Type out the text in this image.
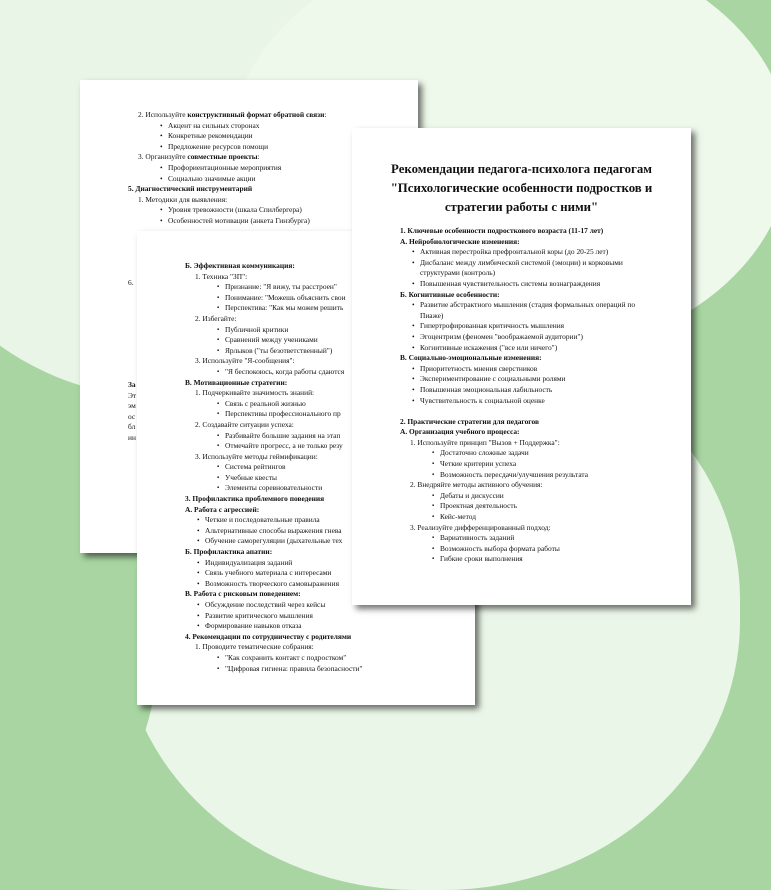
2. Используйте конструктивный формат обратной связи:
Акцент на сильных сторонах
Конкретные рекомендации
Предложение ресурсов помощи
3. Организуйте совместные проекты:
Профориентационные мероприятия
Социально значимые акции
5. Диагностический инструментарий
1. Методики для выявления:
Уровня тревожности (шкала Спилбергера)
Особенностей мотивации (анкета Гинзбурга)
6.
За
Эт
эм
ос
бл
ин
Б. Эффективная коммуникация:
1. Техника "ЗП":
Признание: "Я вижу, ты расстроен"
Понимание: "Можешь объяснить свои
Перспектива: "Как мы можем решить
2. Избегайте:
Публичной критики
Сравнений между учениками
Ярлыков ("ты безответственный")
3. Используйте "Я-сообщения":
"Я беспокоюсь, когда работы сдаются
В. Мотивационные стратегии:
1. Подчеркивайте значимость знаний:
Связь с реальной жизнью
Перспективы профессионального пр
2. Создавайте ситуации успеха:
Разбивайте большие задания на этап
Отмечайте прогресс, а не только резу
3. Используйте методы геймификации:
Система рейтингов
Учебные квесты
Элементы соревновательности
3. Профилактика проблемного поведения
А. Работа с агрессией:
Четкие и последовательные правила
Альтернативные способы выражения гнева
Обучение саморегуляции (дыхательные тех
Б. Профилактика апатии:
Индивидуализация заданий
Связь учебного материала с интересами
Возможность творческого самовыражения
В. Работа с рисковым поведением:
Обсуждение последствий через кейсы
Развитие критического мышления
Формирование навыков отказа
4. Рекомендации по сотрудничеству с родителями
1. Проводите тематические собрания:
"Как сохранить контакт с подростком"
"Цифровая гигиена: правила безопасности"
Рекомендации педагога-психолога педагогам "Психологические особенности подростков и стратегии работы с ними"
1. Ключевые особенности подросткового возраста (11-17 лет)
А. Нейробиологические изменения:
Активная перестройка префронтальной коры (до 20-25 лет)
Дисбаланс между лимбической системой (эмоции) и корковыми
структурами (контроль)
Повышенная чувствительность системы вознаграждения
Б. Когнитивные особенности:
Развитие абстрактного мышления (стадия формальных операций по
Пиаже)
Гипертрофированная критичность мышления
Эгоцентризм (феномен "воображаемой аудитории")
Когнитивные искажения ("все или ничего")
В. Социально-эмоциональные изменения:
Приоритетность мнения сверстников
Экспериментирование с социальными ролями
Повышенная эмоциональная лабильность
Чувствительность к социальной оценке
2. Практические стратегии для педагогов
А. Организация учебного процесса:
1. Используйте принцип "Вызов + Поддержка":
Достаточно сложные задачи
Четкие критерии успеха
Возможность пересдачи/улучшения результата
2. Внедряйте методы активного обучения:
Дебаты и дискуссии
Проектная деятельность
Кейс-метод
3. Реализуйте дифференцированный подход:
Вариативность заданий
Возможность выбора формата работы
Гибкие сроки выполнения
